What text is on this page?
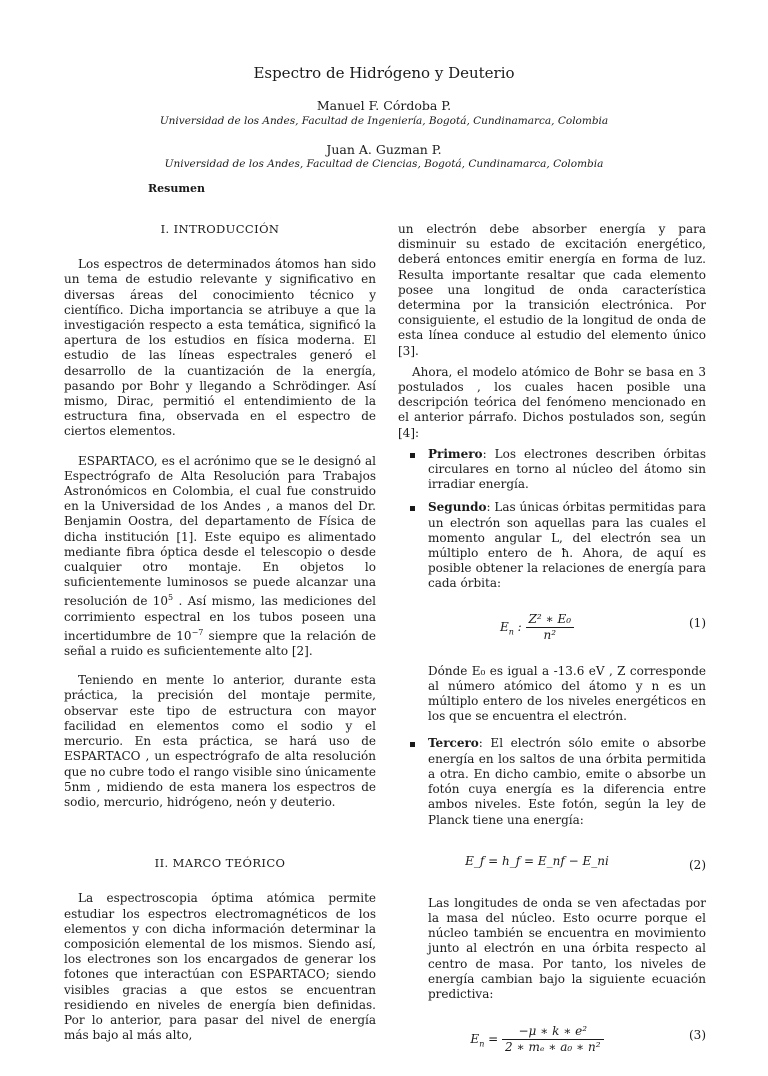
Espectro de Hidrógeno y Deuterio
Manuel F. Córdoba P.
Universidad de los Andes, Facultad de Ingeniería, Bogotá, Cundinamarca, Colombia
Juan A. Guzman P.
Universidad de los Andes, Facultad de Ciencias, Bogotá, Cundinamarca, Colombia
Resumen
I. INTRODUCCIÓN

Los espectros de determinados átomos han sido un tema de estudio relevante y significativo en diversas áreas del conocimiento técnico y científico. Dicha importancia se atribuye a que la investigación respecto a esta temática, significó la apertura de los estudios en física moderna. El estudio de las líneas espectrales generó el desarrollo de la cuantización de la energía, pasando por Bohr y llegando a Schrödinger. Así mismo, Dirac, permitió el entendimiento de la estructura fina, observada en el espectro de ciertos elementos.

ESPARTACO, es el acrónimo que se le designó al Espectrógrafo de Alta Resolución para Trabajos Astronómicos en Colombia, el cual fue construido en la Universidad de los Andes , a manos del Dr. Benjamin Oostra, del departamento de Física de dicha institución [1]. Este equipo es alimentado mediante fibra óptica desde el telescopio o desde cualquier otro montaje. En objetos lo suficientemente luminosos se puede alcanzar una resolución de $10^5$ . Así mismo, las mediciones del corrimiento espectral en los tubos poseen una incertidumbre de $10^{-7}$ siempre que la relación de señal a ruido es suficientemente alto [2].

Teniendo en mente lo anterior, durante esta práctica, la precisión del montaje permite, observar este tipo de estructura con mayor facilidad en elementos como el sodio y el mercurio. En esta práctica, se hará uso de ESPARTACO , un espectrógrafo de alta resolución que no cubre todo el rango visible sino únicamente 5nm , midiendo de esta manera los espectros de sodio, mercurio, hidrógeno, neón y deuterio.

II. MARCO TEÓRICO

La espectroscopia óptima atómica permite estudiar los espectros electromagnéticos de los elementos y con dicha información determinar la composición elemental de los mismos. Siendo así, los electrones son los encargados de generar los fotones que interactúan con ESPARTACO; siendo visibles gracias a que estos se encuentran residiendo en niveles de energía bien definidas. Por lo anterior, para pasar del nivel de energía más bajo al más alto,

un electrón debe absorber energía y para disminuir su estado de excitación energético, deberá entonces emitir energía en forma de luz. Resulta importante resaltar que cada elemento posee una longitud de onda característica determina por la transición electrónica. Por consiguiente, el estudio de la longitud de onda de esta línea conduce al estudio del elemento único [3].

Ahora, el modelo atómico de Bohr se basa en 3 postulados , los cuales hacen posible una descripción teórica del fenómeno mencionado en el anterior párrafo. Dichos postulados son, según [4]:

Primero: Los electrones describen órbitas circulares en torno al núcleo del átomo sin irradiar energía.
Segundo: Las únicas órbitas permitidas para un electrón son aquellas para las cuales el momento angular L, del electrón sea un múltiplo entero de ħ. Ahora, de aquí es posible obtener la relaciones de energía para cada órbita:
$E_n$ : $\frac{\text{Z² ∗ E₀}}{\text{n²}}$	(1)

Dónde E₀ es igual a -13.6 eV , Z corresponde al número atómico del átomo y n es un múltiplo entero de los niveles energéticos en los que se encuentra el electrón.

Tercero: El electrón sólo emite o absorbe energía en los saltos de una órbita permitida a otra. En dicho cambio, emite o absorbe un fotón cuya energía es la diferencia entre ambos niveles. Este fotón, según la ley de Planck tiene una energía:
E_f = h_f = E_nf − E_ni	(2)

Las longitudes de onda se ven afectadas por la masa del núcleo. Esto ocurre porque el núcleo también se encuentra en movimiento junto al electrón en una órbita respecto al centro de masa. Por tanto, los niveles de energía cambian bajo la siguiente ecuación predictiva:

$E_n = \frac{\text{−μ ∗ k ∗ e²}}{\text{2 ∗ mₑ ∗ a₀ ∗ n²}}$	(3)
